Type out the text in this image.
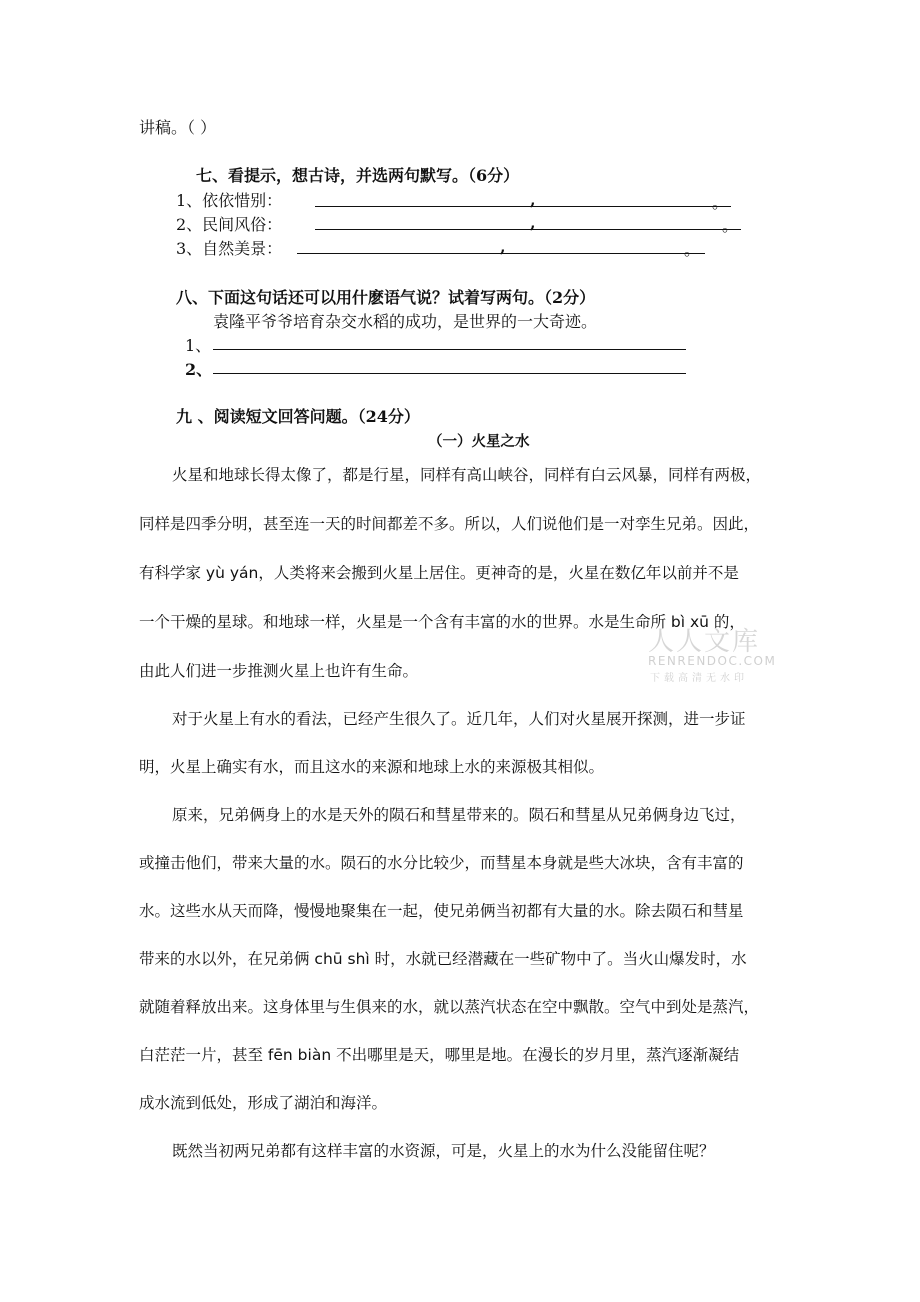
讲稿。（ ）
七、看提示，想古诗，并选两句默写。（6分）
1、依依惜别：	,	。
2、民间风俗：	,	。
3、自然美景：	,	。
八、下面这句话还可以用什麽语气说？试着写两句。（2分）
袁隆平爷爷培育杂交水稻的成功，是世界的一大奇迹。
1、
2、
九 、阅读短文回答问题。（24分）
（一）火星之水
火星和地球长得太像了，都是行星，同样有高山峡谷，同样有白云风暴，同样有两极，
同样是四季分明，甚至连一天的时间都差不多。所以，人们说他们是一对孪生兄弟。因此，
有科学家 yù yán，人类将来会搬到火星上居住。更神奇的是，火星在数亿年以前并不是
一个干燥的星球。和地球一样，火星是一个含有丰富的水的世界。水是生命所 bì xū 的，
由此人们进一步推测火星上也许有生命。
对于火星上有水的看法，已经产生很久了。近几年，人们对火星展开探测，进一步证
明，火星上确实有水，而且这水的来源和地球上水的来源极其相似。
原来，兄弟俩身上的水是天外的陨石和彗星带来的。陨石和彗星从兄弟俩身边飞过，
或撞击他们，带来大量的水。陨石的水分比较少，而彗星本身就是些大冰块，含有丰富的
水。这些水从天而降，慢慢地聚集在一起，使兄弟俩当初都有大量的水。除去陨石和彗星
带来的水以外，在兄弟俩 chū shì 时，水就已经潜藏在一些矿物中了。当火山爆发时，水
就随着释放出来。这身体里与生俱来的水，就以蒸汽状态在空中飘散。空气中到处是蒸汽，
白茫茫一片，甚至 fēn biàn 不出哪里是天，哪里是地。在漫长的岁月里，蒸汽逐渐凝结
成水流到低处，形成了湖泊和海洋。
既然当初两兄弟都有这样丰富的水资源，可是，火星上的水为什么没能留住呢？
人人文库
RENRENDOC.COM
下载高清无水印
